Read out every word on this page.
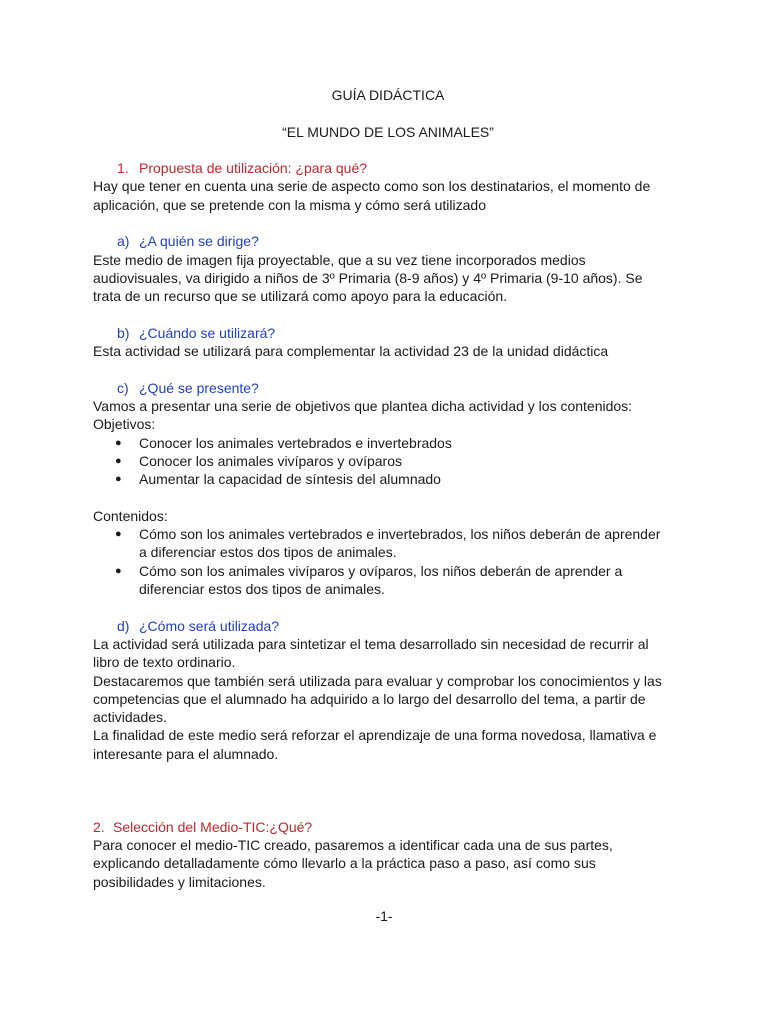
GUÍA DIDÁCTICA
“EL MUNDO DE LOS ANIMALES”
1. Propuesta de utilización: ¿para qué?
Hay que tener en cuenta una serie de aspecto como son los destinatarios, el momento de
aplicación, que se pretende con la misma y cómo será utilizado
a) ¿A quién se dirige?
Este medio de imagen fija proyectable, que a su vez tiene incorporados medios
audiovisuales, va dirigido a niños de 3º Primaria (8-9 años) y 4º Primaria (9-10 años). Se
trata de un recurso que se utilizará como apoyo para la educación.
b) ¿Cuándo se utilizará?
Esta actividad se utilizará para complementar la actividad 23 de la unidad didáctica
c) ¿Qué se presente?
Vamos a presentar una serie de objetivos que plantea dicha actividad y los contenidos:
Objetivos:
● Conocer los animales vertebrados e invertebrados
● Conocer los animales vivíparos y ovíparos
● Aumentar la capacidad de síntesis del alumnado
Contenidos:
● Cómo son los animales vertebrados e invertebrados, los niños deberán de aprender
a diferenciar estos dos tipos de animales.
● Cómo son los animales vivíparos y ovíparos, los niños deberán de aprender a
diferenciar estos dos tipos de animales.
d) ¿Cómo será utilizada?
La actividad será utilizada para sintetizar el tema desarrollado sin necesidad de recurrir al
libro de texto ordinario.
Destacaremos que también será utilizada para evaluar y comprobar los conocimientos y las
competencias que el alumnado ha adquirido a lo largo del desarrollo del tema, a partir de
actividades.
La finalidad de este medio será reforzar el aprendizaje de una forma novedosa, llamativa e
interesante para el alumnado.
2. Selección del Medio-TIC:¿Qué?
Para conocer el medio-TIC creado, pasaremos a identificar cada una de sus partes,
explicando detalladamente cómo llevarlo a la práctica paso a paso, así como sus
posibilidades y limitaciones.
-1-
